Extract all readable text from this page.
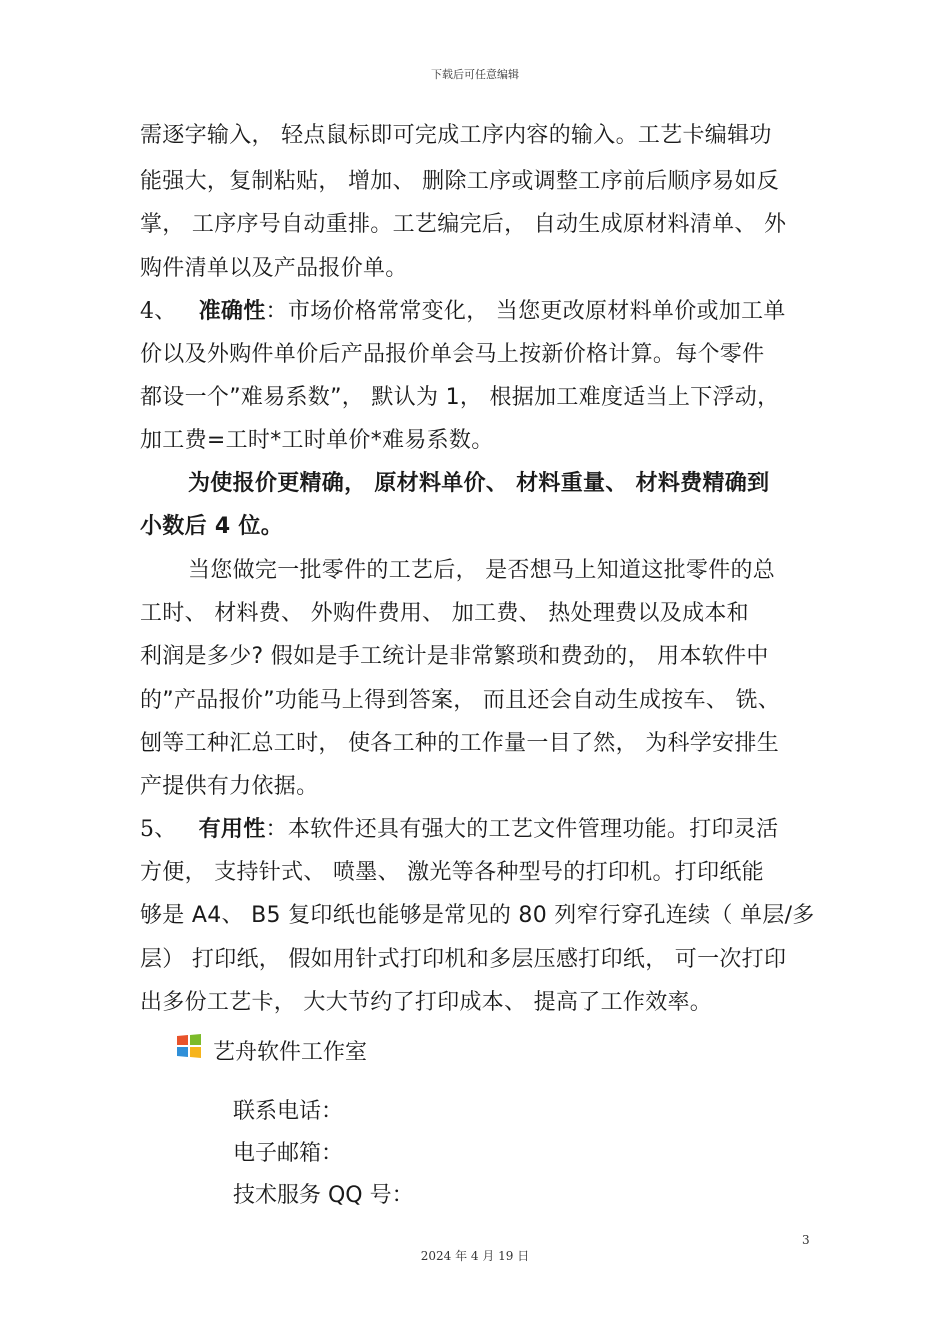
下载后可任意编辑
需逐字输入， 轻点鼠标即可完成工序内容的输入。工艺卡编辑功
能强大，复制粘贴， 增加、 删除工序或调整工序前后顺序易如反
掌， 工序序号自动重排。工艺编完后， 自动生成原材料清单、 外
购件清单以及产品报价单。
4、 准确性：市场价格常常变化， 当您更改原材料单价或加工单
价以及外购件单价后产品报价单会马上按新价格计算。每个零件
都设一个”难易系数”， 默认为 1， 根据加工难度适当上下浮动，
加工费=工时*工时单价*难易系数。
为使报价更精确， 原材料单价、 材料重量、 材料费精确到
小数后 4 位。
当您做完一批零件的工艺后， 是否想马上知道这批零件的总
工时、 材料费、 外购件费用、 加工费、 热处理费以及成本和
利润是多少? 假如是手工统计是非常繁琐和费劲的， 用本软件中
的”产品报价”功能马上得到答案， 而且还会自动生成按车、 铣、
刨等工种汇总工时， 使各工种的工作量一目了然， 为科学安排生
产提供有力依据。
5、 有用性：本软件还具有强大的工艺文件管理功能。打印灵活
方便， 支持针式、 喷墨、 激光等各种型号的打印机。打印纸能
够是 A4、 B5 复印纸也能够是常见的 80 列窄行穿孔连续（ 单层/多
层） 打印纸， 假如用针式打印机和多层压感打印纸， 可一次打印
出多份工艺卡， 大大节约了打印成本、 提高了工作效率。
艺舟软件工作室
联系电话：
电子邮箱：
技术服务 QQ 号：
3
2024 年 4 月 19 日
